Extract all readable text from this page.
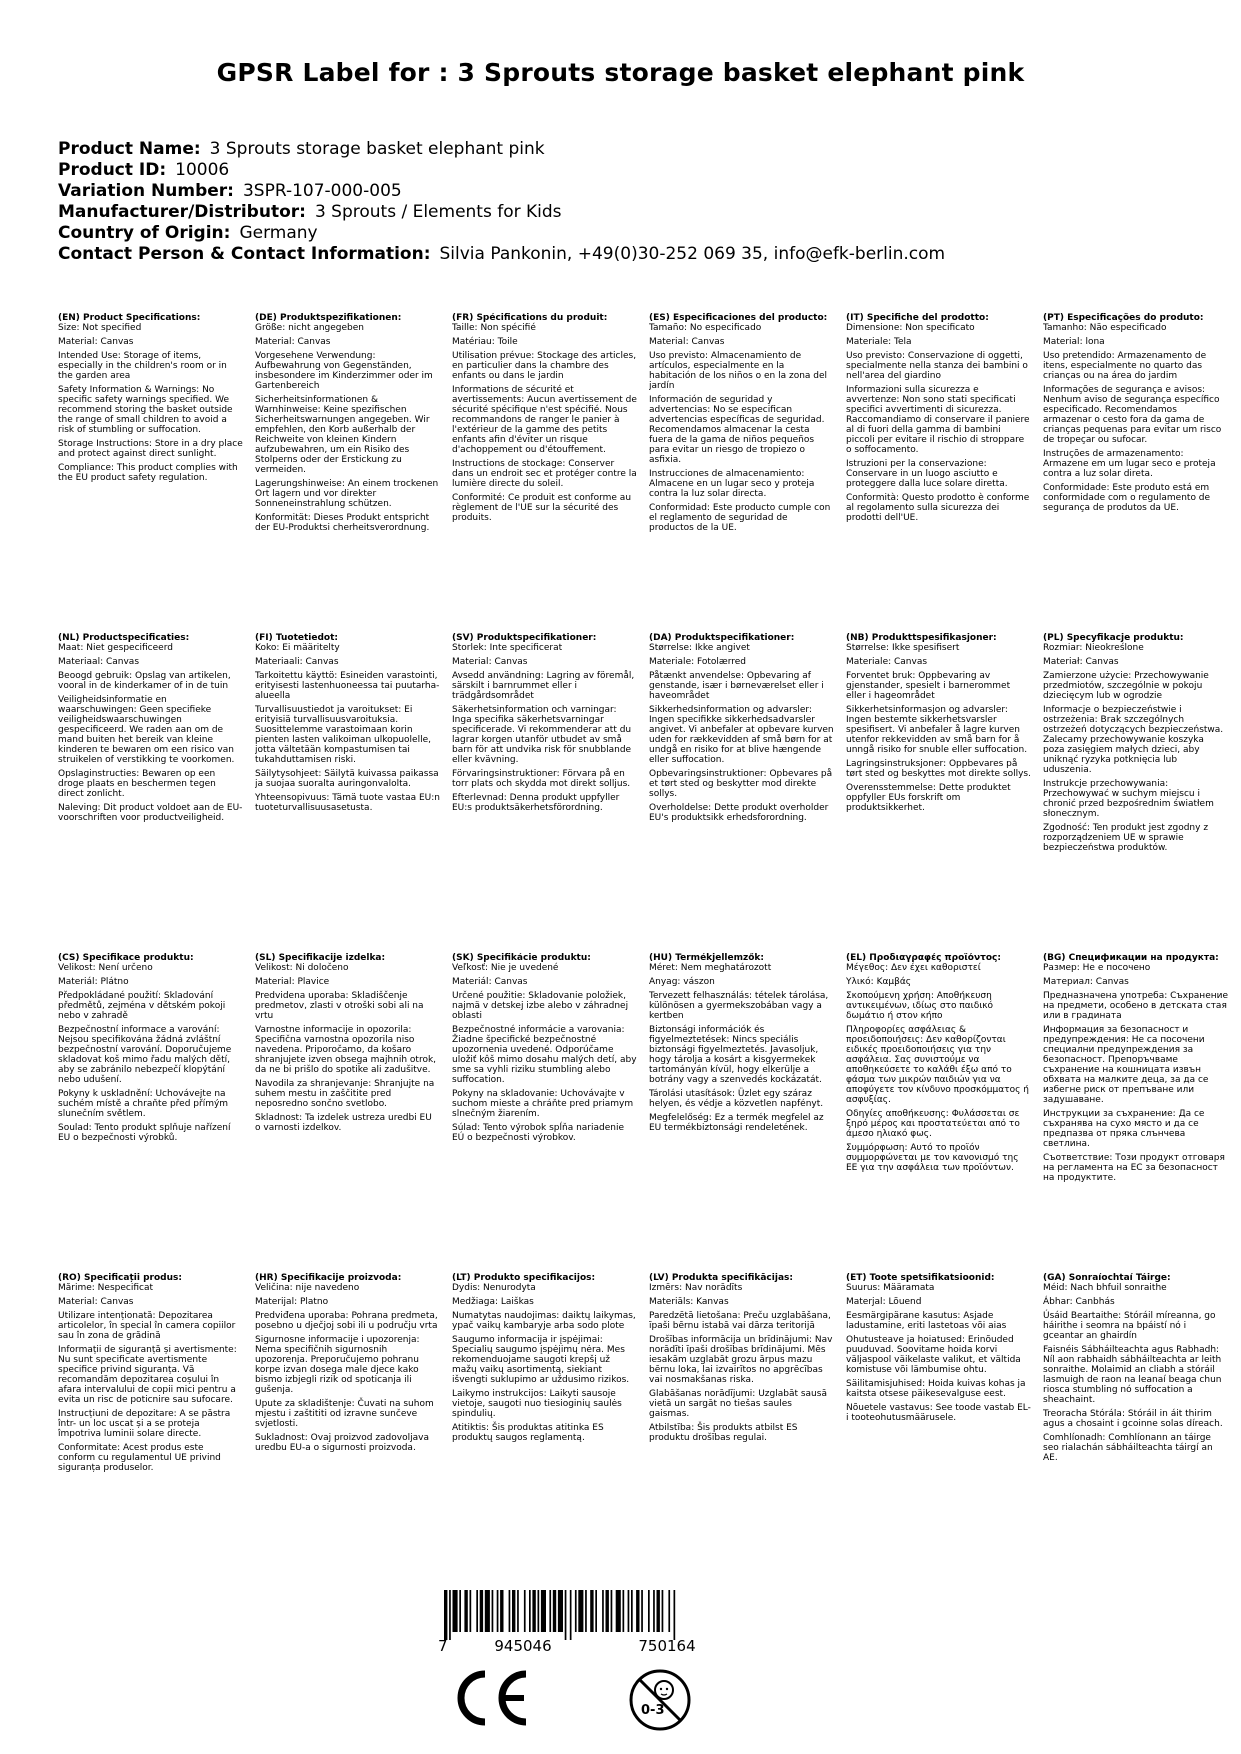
GPSR Label for : 3 Sprouts storage basket elephant pink
Product Name: 3 Sprouts storage basket elephant pink
Product ID: 10006
Variation Number: 3SPR-107-000-005
Manufacturer/Distributor: 3 Sprouts / Elements for Kids
Country of Origin: Germany
Contact Person & Contact Information: Silvia Pankonin, +49(0)30-252 069 35, info@efk-berlin.com
(EN) Product Specifications:

Size: Not specified

Material: Canvas

Intended Use: Storage of items, especially in the children's room or in the garden area

Safety Information & Warnings: No specific safety warnings specified. We recommend storing the basket outside the range of small children to avoid a risk of stumbling or suffocation.

Storage Instructions: Store in a dry place and protect against direct sunlight.

Compliance: This product complies with the EU product safety regulation.

(DE) Produktspezifikationen:

Größe: nicht angegeben

Material: Canvas

Vorgesehene Verwendung: Aufbewahrung von Gegenständen, insbesondere im Kinderzimmer oder im Gartenbereich

Sicherheitsinformationen & Warnhinweise: Keine spezifischen Sicherheitswarnungen angegeben. Wir empfehlen, den Korb außerhalb der Reichweite von kleinen Kindern aufzubewahren, um ein Risiko des Stolperns oder der Erstickung zu vermeiden.

Lagerungshinweise: An einem trockenen Ort lagern und vor direkter Sonneneinstrahlung schützen.

Konformität: Dieses Produkt entspricht der EU-Produktsi cherheitsverordnung.

(FR) Spécifications du produit:

Taille: Non spécifié

Matériau: Toile

Utilisation prévue: Stockage des articles, en particulier dans la chambre des enfants ou dans le jardin

Informations de sécurité et avertissements: Aucun avertissement de sécurité spécifique n'est spécifié. Nous recommandons de ranger le panier à l'extérieur de la gamme des petits enfants afin d'éviter un risque d'achoppement ou d'étouffement.

Instructions de stockage: Conserver dans un endroit sec et protéger contre la lumière directe du soleil.

Conformité: Ce produit est conforme au règlement de l'UE sur la sécurité des produits.

(ES) Especificaciones del producto:

Tamaño: No especificado

Material: Canvas

Uso previsto: Almacenamiento de artículos, especialmente en la habitación de los niños o en la zona del jardín

Información de seguridad y advertencias: No se especifican advertencias específicas de seguridad. Recomendamos almacenar la cesta fuera de la gama de niños pequeños para evitar un riesgo de tropiezo o asfixia.

Instrucciones de almacenamiento: Almacene en un lugar seco y proteja contra la luz solar directa.

Conformidad: Este producto cumple con el reglamento de seguridad de productos de la UE.

(IT) Specifiche del prodotto:

Dimensione: Non specificato

Materiale: Tela

Uso previsto: Conservazione di oggetti, specialmente nella stanza dei bambini o nell'area del giardino

Informazioni sulla sicurezza e avvertenze: Non sono stati specificati specifici avvertimenti di sicurezza. Raccomandiamo di conservare il paniere al di fuori della gamma di bambini piccoli per evitare il rischio di stroppare o soffocamento.

Istruzioni per la conservazione: Conservare in un luogo asciutto e proteggere dalla luce solare diretta.

Conformità: Questo prodotto è conforme al regolamento sulla sicurezza dei prodotti dell'UE.

(PT) Especificações do produto:

Tamanho: Não especificado

Material: lona

Uso pretendido: Armazenamento de itens, especialmente no quarto das crianças ou na área do jardim

Informações de segurança e avisos: Nenhum aviso de segurança específico especificado. Recomendamos armazenar o cesto fora da gama de crianças pequenas para evitar um risco de tropeçar ou sufocar.

Instruções de armazenamento: Armazene em um lugar seco e proteja contra a luz solar direta.

Conformidade: Este produto está em conformidade com o regulamento de segurança de produtos da UE.

(NL) Productspecificaties:

Maat: Niet gespecificeerd

Materiaal: Canvas

Beoogd gebruik: Opslag van artikelen, vooral in de kinderkamer of in de tuin

Veiligheidsinformatie en waarschuwingen: Geen specifieke veiligheidswaarschuwingen gespecificeerd. We raden aan om de mand buiten het bereik van kleine kinderen te bewaren om een risico van struikelen of verstikking te voorkomen.

Opslaginstructies: Bewaren op een droge plaats en beschermen tegen direct zonlicht.

Naleving: Dit product voldoet aan de EU-voorschriften voor productveiligheid.

(FI) Tuotetiedot:

Koko: Ei määritelty

Materiaali: Canvas

Tarkoitettu käyttö: Esineiden varastointi, erityisesti lastenhuoneessa tai puutarha-alueella

Turvallisuustiedot ja varoitukset: Ei erityisiä turvallisuusvaroituksia. Suosittelemme varastoimaan korin pienten lasten valikoiman ulkopuolelle, jotta vältetään kompastumisen tai tukahduttamisen riski.

Säilytysohjeet: Säilytä kuivassa paikassa ja suojaa suoralta auringonvalolta.

Yhteensopivuus: Tämä tuote vastaa EU:n tuoteturvallisuusasetusta.

(SV) Produktspecifikationer:

Storlek: Inte specificerat

Material: Canvas

Avsedd användning: Lagring av föremål, särskilt i barnrummet eller i trädgårdsområdet

Säkerhetsinformation och varningar: Inga specifika säkerhetsvarningar specificerade. Vi rekommenderar att du lagrar korgen utanför utbudet av små barn för att undvika risk för snubblande eller kvävning.

Förvaringsinstruktioner: Förvara på en torr plats och skydda mot direkt solljus.

Efterlevnad: Denna produkt uppfyller EU:s produktsäkerhetsförordning.

(DA) Produktspecifikationer:

Størrelse: Ikke angivet

Materiale: Fotolærred

Påtænkt anvendelse: Opbevaring af genstande, især i børneværelset eller i haveområdet

Sikkerhedsinformation og advarsler: Ingen specifikke sikkerhedsadvarsler angivet. Vi anbefaler at opbevare kurven uden for rækkevidden af små børn for at undgå en risiko for at blive hængende eller suffocation.

Opbevaringsinstruktioner: Opbevares på et tørt sted og beskytter mod direkte sollys.

Overholdelse: Dette produkt overholder EU's produktsikk erhedsforordning.

(NB) Produkttspesifikasjoner:

Størrelse: Ikke spesifisert

Materiale: Canvas

Forventet bruk: Oppbevaring av gjenstander, spesielt i barnerommet eller i hageområdet

Sikkerhetsinformasjon og advarsler: Ingen bestemte sikkerhetsvarsler spesifisert. Vi anbefaler å lagre kurven utenfor rekkevidden av små barn for å unngå risiko for snuble eller suffocation.

Lagringsinstruksjoner: Oppbevares på tørt sted og beskyttes mot direkte sollys.

Overensstemmelse: Dette produktet oppfyller EUs forskrift om produktsikkerhet.

(PL) Specyfikacje produktu:

Rozmiar: Nieokreślone

Materiał: Canvas

Zamierzone użycie: Przechowywanie przedmiotów, szczególnie w pokoju dziecięcym lub w ogrodzie

Informacje o bezpieczeństwie i ostrzeżenia: Brak szczególnych ostrzeżeń dotyczących bezpieczeństwa. Zalecamy przechowywanie koszyka poza zasięgiem małych dzieci, aby uniknąć ryzyka potknięcia lub uduszenia.

Instrukcje przechowywania: Przechowywać w suchym miejscu i chronić przed bezpośrednim światłem słonecznym.

Zgodność: Ten produkt jest zgodny z rozporządzeniem UE w sprawie bezpieczeństwa produktów.

(CS) Specifikace produktu:

Velikost: Není určeno

Materiál: Plátno

Předpokládané použití: Skladování předmětů, zejména v dětském pokoji nebo v zahradě

Bezpečnostní informace a varování: Nejsou specifikována žádná zvláštní bezpečnostní varování. Doporučujeme skladovat koš mimo řadu malých dětí, aby se zabránilo nebezpečí klopýtání nebo udušení.

Pokyny k uskladnění: Uchovávejte na suchém místě a chraňte před přímým slunečním světlem.

Soulad: Tento produkt splňuje nařízení EU o bezpečnosti výrobků.

(SL) Specifikacije izdelka:

Velikost: Ni določeno

Material: Plavice

Predvidena uporaba: Skladiščenje predmetov, zlasti v otroški sobi ali na vrtu

Varnostne informacije in opozorila: Specifična varnostna opozorila niso navedena. Priporočamo, da košaro shranjujete izven obsega majhnih otrok, da ne bi prišlo do spotike ali zadušitve.

Navodila za shranjevanje: Shranjujte na suhem mestu in zaščitite pred neposredno sončno svetlobo.

Skladnost: Ta izdelek ustreza uredbi EU o varnosti izdelkov.

(SK) Špecifikácie produktu:

Veľkosť: Nie je uvedené

Materiál: Canvas

Určené použitie: Skladovanie položiek, najmä v detskej izbe alebo v záhradnej oblasti

Bezpečnostné informácie a varovania: Žiadne špecifické bezpečnostné upozornenia uvedené. Odporúčame uložiť kôš mimo dosahu malých detí, aby sme sa vyhli riziku stumbling alebo suffocation.

Pokyny na skladovanie: Uchovávajte v suchom mieste a chráňte pred priamym slnečným žiarením.

Súlad: Tento výrobok spĺňa nariadenie EÚ o bezpečnosti výrobkov.

(HU) Termékjellemzők:

Méret: Nem meghatározott

Anyag: vászon

Tervezett felhasználás: tételek tárolása, különösen a gyermekszobában vagy a kertben

Biztonsági információk és figyelmeztetések: Nincs speciális biztonsági figyelmeztetés. Javasoljuk, hogy tárolja a kosárt a kisgyermekek tartományán kívül, hogy elkerülje a botrány vagy a szenvedés kockázatát.

Tárolási utasítások: Üzlet egy száraz helyen, és védje a közvetlen napfényt.

Megfelelőség: Ez a termék megfelel az EU termékbiztonsági rendeletének.

(EL) Προδιαγραφές προϊόντος:

Μέγεθος: Δεν έχει καθοριστεί

Υλικό: Καμβάς

Σκοπούμενη χρήση: Αποθήκευση αντικειμένων, ιδίως στο παιδικό δωμάτιο ή στον κήπο

Πληροφορίες ασφάλειας & προειδοποιήσεις: Δεν καθορίζονται ειδικές προειδοποιήσεις για την ασφάλεια. Σας συνιστούμε να αποθηκεύσετε το καλάθι έξω από το φάσμα των μικρών παιδιών για να αποφύγετε τον κίνδυνο προσκόμματος ή ασφυξίας.

Οδηγίες αποθήκευσης: Φυλάσσεται σε ξηρό μέρος και προστατεύεται από το άμεσο ηλιακό φως.

Συμμόρφωση: Αυτό το προϊόν συμμορφώνεται με τον κανονισμό της ΕΕ για την ασφάλεια των προϊόντων.

(BG) Спецификации на продукта:

Размер: Не е посочено

Материал: Canvas

Предназначена употреба: Съхранение на предмети, особено в детската стая или в градината

Информация за безопасност и предупреждения: Не са посочени специални предупреждения за безопасност. Препоръчваме съхранение на кошницата извън обхвата на малките деца, за да се избегне риск от препъване или задушаване.

Инструкции за съхранение: Да се съхранява на сухо място и да се предпазва от пряка слънчева светлина.

Съответствие: Този продукт отговаря на регламента на ЕС за безопасност на продуктите.

(RO) Specificații produs:

Mărime: Nespecificat

Material: Canvas

Utilizare intenționată: Depozitarea articolelor, în special în camera copiilor sau în zona de grădină

Informații de siguranță și avertismente: Nu sunt specificate avertismente specifice privind siguranța. Vă recomandăm depozitarea coșului în afara intervalului de copii mici pentru a evita un risc de poticnire sau sufocare.

Instrucțiuni de depozitare: A se păstra într- un loc uscat și a se proteja împotriva luminii solare directe.

Conformitate: Acest produs este conform cu regulamentul UE privind siguranța produselor.

(HR) Specifikacije proizvoda:

Veličina: nije navedeno

Materijal: Platno

Predviđena uporaba: Pohrana predmeta, posebno u dječjoj sobi ili u području vrta

Sigurnosne informacije i upozorenja: Nema specifičnih sigurnosnih upozorenja. Preporučujemo pohranu korpe izvan dosega male djece kako bismo izbjegli rizik od spoticanja ili gušenja.

Upute za skladištenje: Čuvati na suhom mjestu i zaštititi od izravne sunčeve svjetlosti.

Sukladnost: Ovaj proizvod zadovoljava uredbu EU-a o sigurnosti proizvoda.

(LT) Produkto specifikacijos:

Dydis: Nenurodyta

Medžiaga: Laiškas

Numatytas naudojimas: daiktų laikymas, ypač vaikų kambaryje arba sodo plote

Saugumo informacija ir įspėjimai: Specialių saugumo įspėjimų nėra. Mes rekomenduojame saugoti krepšį už mažų vaikų asortimentą, siekiant išvengti suklupimo ar uždusimo rizikos.

Laikymo instrukcijos: Laikyti sausoje vietoje, saugoti nuo tiesioginių saulės spindulių.

Atitiktis: Šis produktas atitinka ES produktų saugos reglamentą.

(LV) Produkta specifikācijas:

Izmērs: Nav norādīts

Materiāls: Kanvas

Paredzētā lietošana: Preču uzglabāšana, īpaši bērnu istabā vai dārza teritorijā

Drošības informācija un brīdinājumi: Nav norādīti īpaši drošības brīdinājumi. Mēs iesakām uzglabāt grozu ārpus mazu bērnu loka, lai izvairītos no apgrēcības vai nosmakšanas riska.

Glabāšanas norādījumi: Uzglabāt sausā vietā un sargāt no tiešas saules gaismas.

Atbilstība: Šis produkts atbilst ES produktu drošības regulai.

(ET) Toote spetsifikatsioonid:

Suurus: Määramata

Materjal: Lõuend

Eesmärgipärane kasutus: Asjade ladustamine, eriti lastetoas või aias

Ohutusteave ja hoiatused: Erinõuded puuduvad. Soovitame hoida korvi väljaspool väikelaste valikut, et vältida komistuse või lämbumise ohtu.

Säilitamisjuhised: Hoida kuivas kohas ja kaitsta otsese päikesevalguse eest.

Nõuetele vastavus: See toode vastab EL-i tooteohutusmäärusele.

(GA) Sonraíochtaí Táirge:

Méid: Nach bhfuil sonraithe

Ábhar: Canbhás

Úsáid Beartaithe: Stóráil míreanna, go háirithe i seomra na bpáistí nó i gceantar an ghairdín

Faisnéis Sábháilteachta agus Rabhadh: Níl aon rabhaidh sábháilteachta ar leith sonraithe. Molaimid an cliabh a stóráil lasmuigh de raon na leanaí beaga chun riosca stumbling nó suffocation a sheachaint.

Treoracha Stórála: Stóráil in áit thirim agus a chosaint i gcoinne solas díreach.

Comhlíonadh: Comhlíonann an táirge seo rialachán sábháilteachta táirgí an AE.

7	945046	750164
0-3
